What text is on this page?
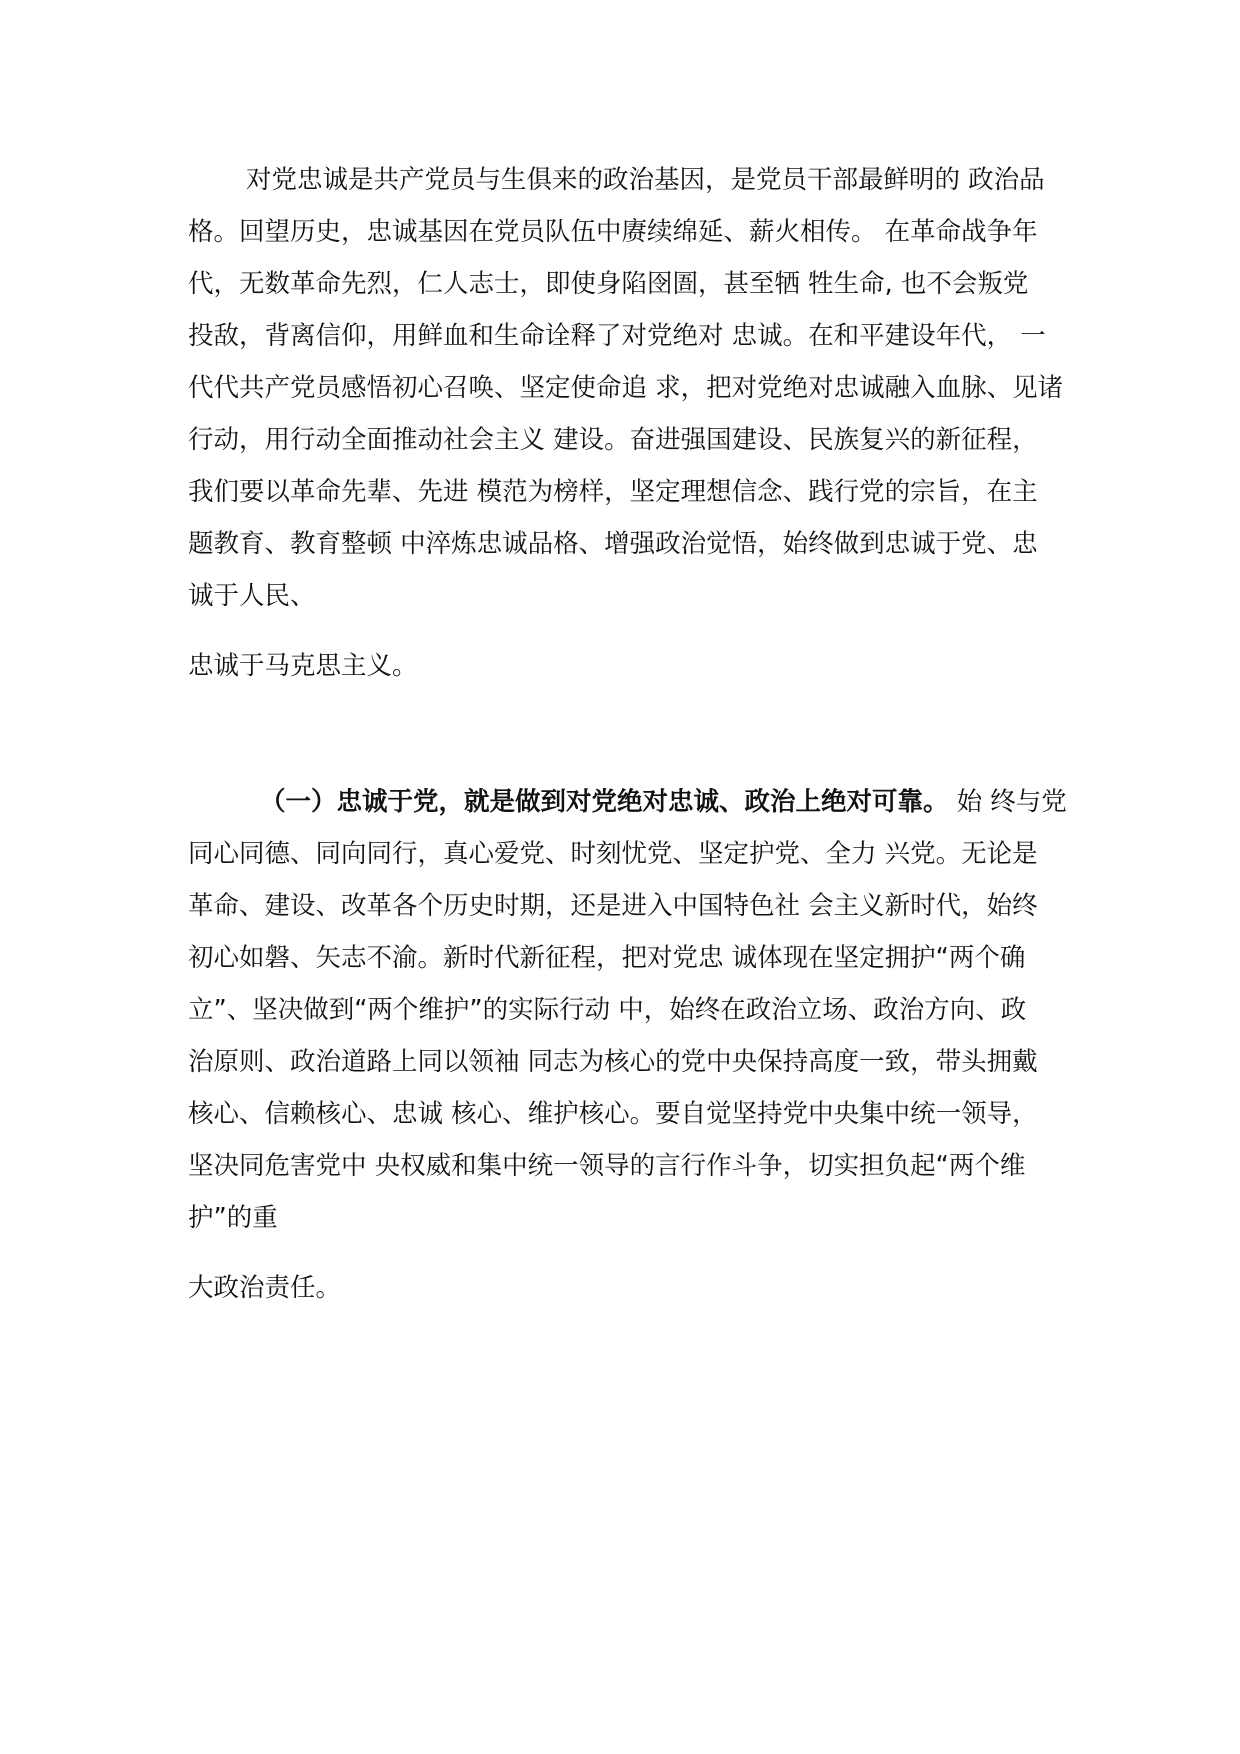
对党忠诚是共产党员与生俱来的政治基因，是党员干部最鲜明的 政治品
格。回望历史，忠诚基因在党员队伍中赓续绵延、薪火相传。 在革命战争年
代，无数革命先烈，仁人志士，即使身陷囹圄，甚至牺 牲生命, 也不会叛党
投敌，背离信仰，用鲜血和生命诠释了对党绝对 忠诚。在和平建设年代， 一
代代共产党员感悟初心召唤、坚定使命追 求，把对党绝对忠诚融入血脉、见诸
行动，用行动全面推动社会主义 建设。奋进强国建设、民族复兴的新征程，
我们要以革命先辈、先进 模范为榜样，坚定理想信念、践行党的宗旨，在主
题教育、教育整顿 中淬炼忠诚品格、增强政治觉悟，始终做到忠诚于党、忠
诚于人民、
忠诚于马克思主义。
（一）忠诚于党，就是做到对党绝对忠诚、政治上绝对可靠。 始 终与党
同心同德、同向同行，真心爱党、时刻忧党、坚定护党、全力 兴党。无论是
革命、建设、改革各个历史时期，还是进入中国特色社 会主义新时代，始终
初心如磐、矢志不渝。新时代新征程，把对党忠 诚体现在坚定拥护“两个确
立”、坚决做到“两个维护”的实际行动 中，始终在政治立场、政治方向、政
治原则、政治道路上同以领袖 同志为核心的党中央保持高度一致，带头拥戴
核心、信赖核心、忠诚 核心、维护核心。要自觉坚持党中央集中统一领导，
坚决同危害党中 央权威和集中统一领导的言行作斗争，切实担负起“两个维
护”的重
大政治责任。
